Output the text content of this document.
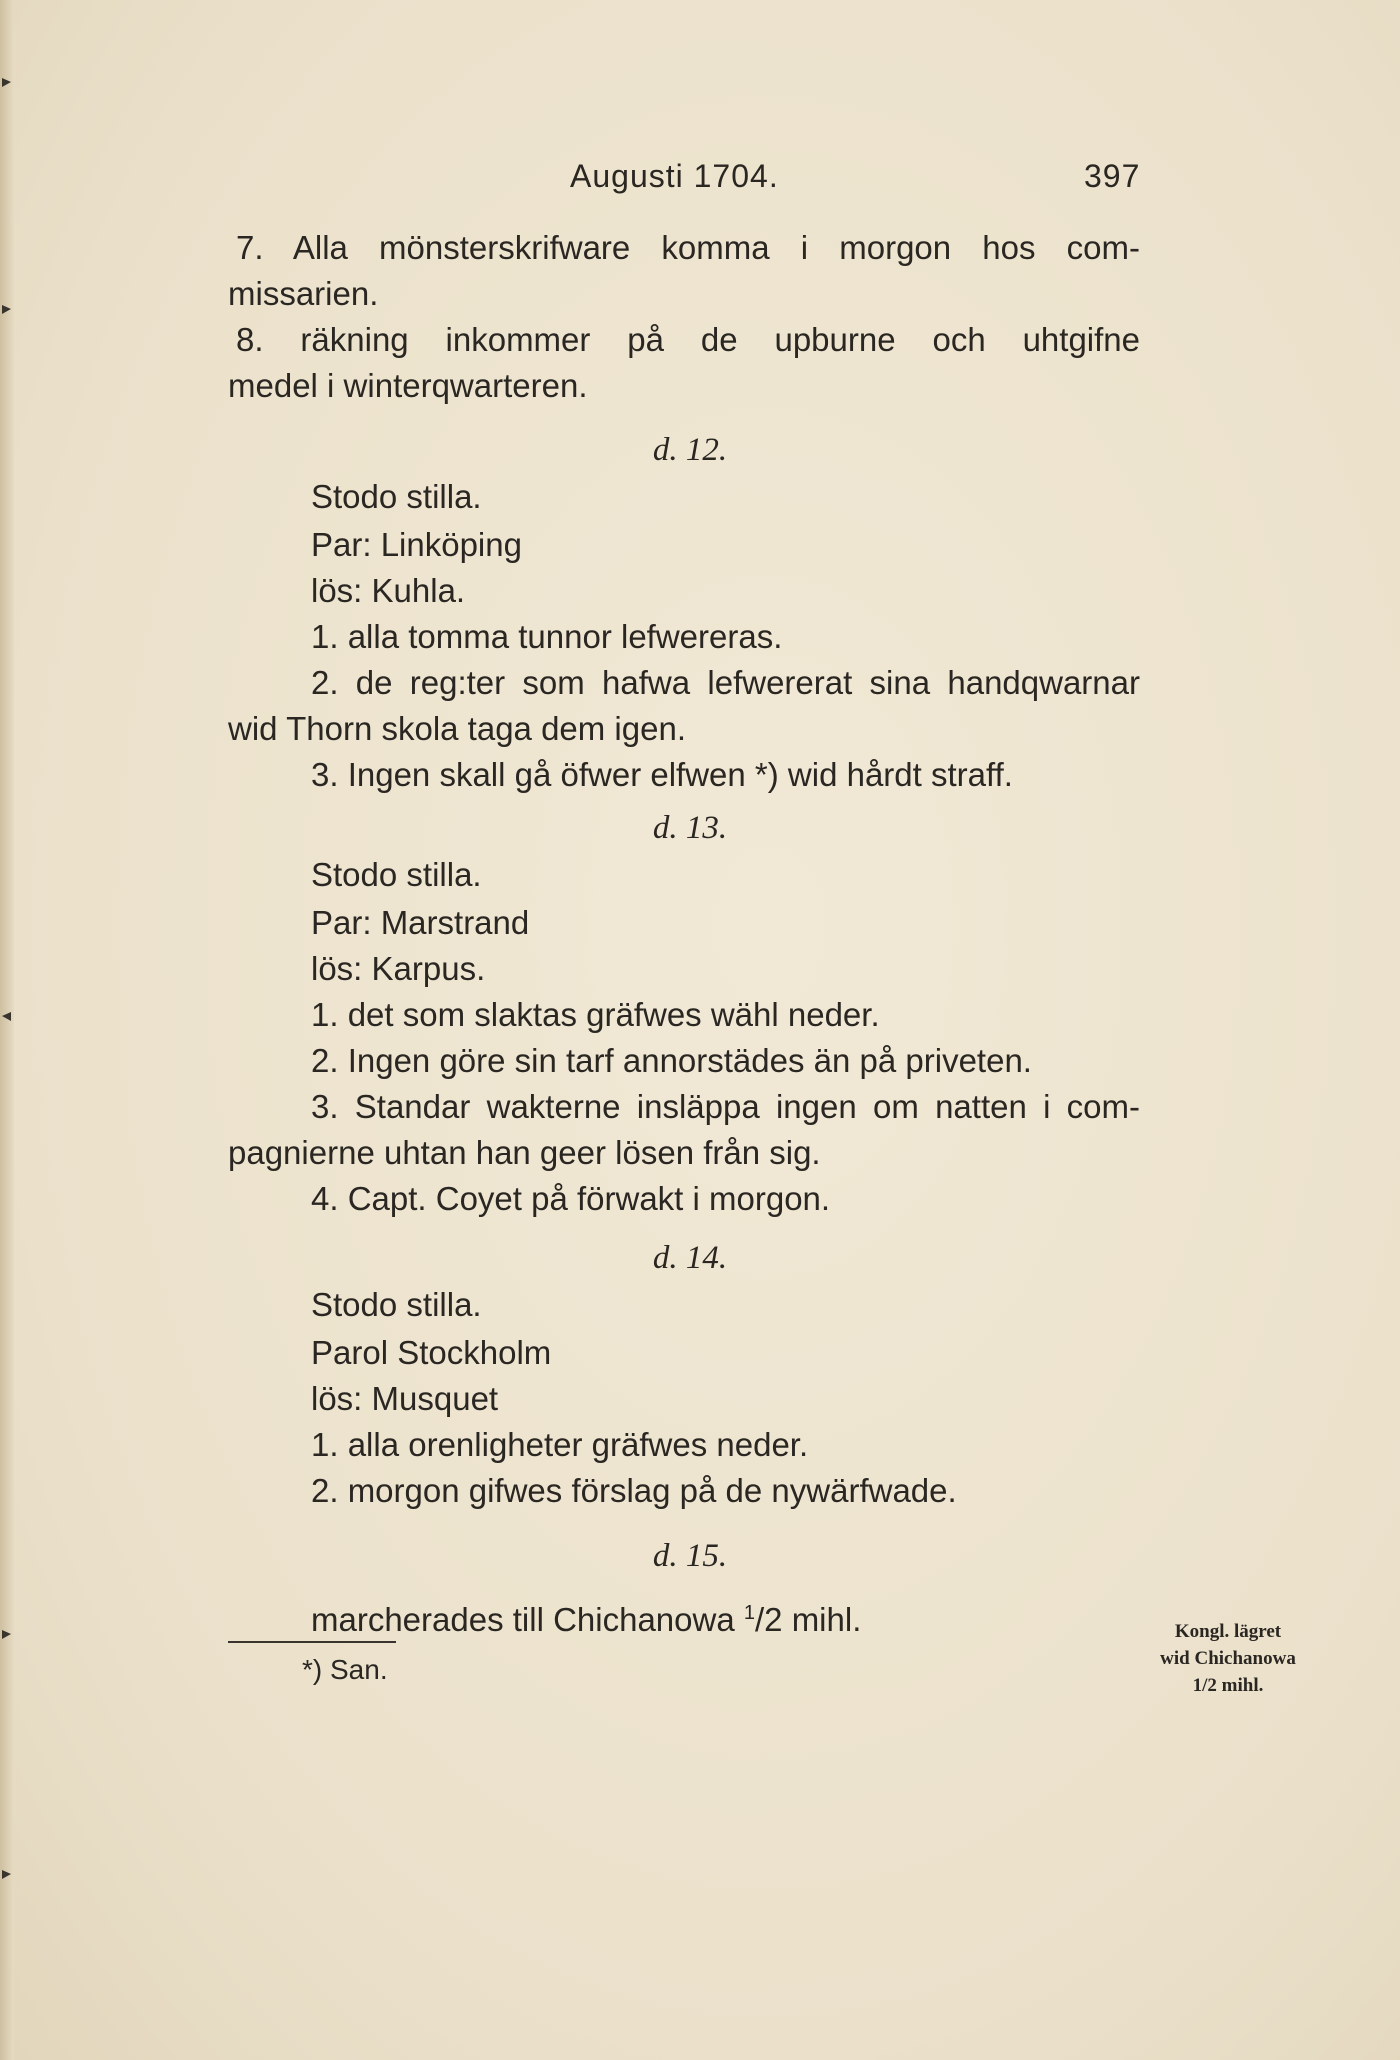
Augusti 1704.	397
7. Alla mönsterskrifware komma i morgon hos com-
missarien.
8. räkning inkommer på de upburne och uhtgifne
medel i winterqwarteren.
d. 12.
Stodo stilla.
Par: Linköping
lös: Kuhla.
1. alla tomma tunnor lefwereras.
2. de reg:ter som hafwa lefwererat sina handqwarnar
wid Thorn skola taga dem igen.
3. Ingen skall gå öfwer elfwen *) wid hårdt straff.
d. 13.
Stodo stilla.
Par: Marstrand
lös: Karpus.
1. det som slaktas gräfwes wähl neder.
2. Ingen göre sin tarf annorstädes än på priveten.
3. Standar wakterne insläppa ingen om natten i com-
pagnierne uhtan han geer lösen från sig.
4. Capt. Coyet på förwakt i morgon.
d. 14.
Stodo stilla.
Parol Stockholm
lös: Musquet
1. alla orenligheter gräfwes neder.
2. morgon gifwes förslag på de nywärfwade.
d. 15.
marcherades till Chichanowa $^1$/2 mihl.
*) San.
Kongl. lägret
wid Chichanowa
1/2 mihl.
